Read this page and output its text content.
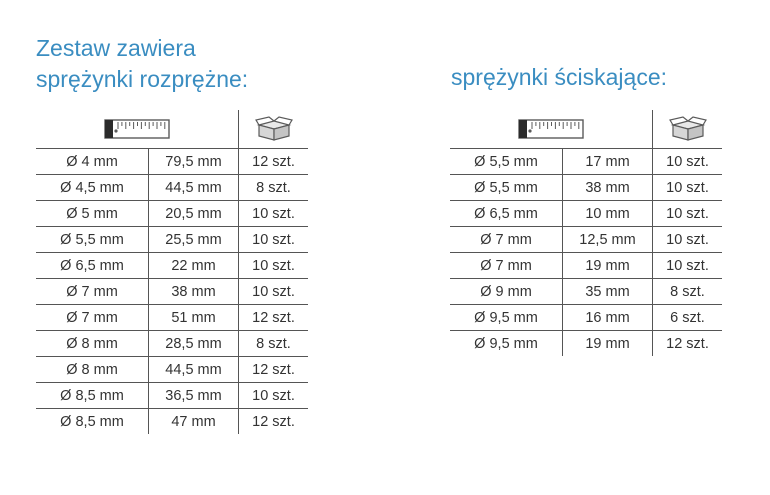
Zestaw zawiera
sprężynki rozprężne:	sprężynki ściskające:
Ø 4 mm	79,5 mm	12 szt.
Ø 4,5 mm	44,5 mm	8 szt.
Ø 5 mm	20,5 mm	10 szt.
Ø 5,5 mm	25,5 mm	10 szt.
Ø 6,5 mm	22 mm	10 szt.
Ø 7 mm	38 mm	10 szt.
Ø 7 mm	51 mm	12 szt.
Ø 8 mm	28,5 mm	8 szt.
Ø 8 mm	44,5 mm	12 szt.
Ø 8,5 mm	36,5 mm	10 szt.
Ø 8,5 mm	47 mm	12 szt.
Ø 5,5 mm	17 mm	10 szt.
Ø 5,5 mm	38 mm	10 szt.
Ø 6,5 mm	10 mm	10 szt.
Ø 7 mm	12,5 mm	10 szt.
Ø 7 mm	19 mm	10 szt.
Ø 9 mm	35 mm	8 szt.
Ø 9,5 mm	16 mm	6 szt.
Ø 9,5 mm	19 mm	12 szt.
